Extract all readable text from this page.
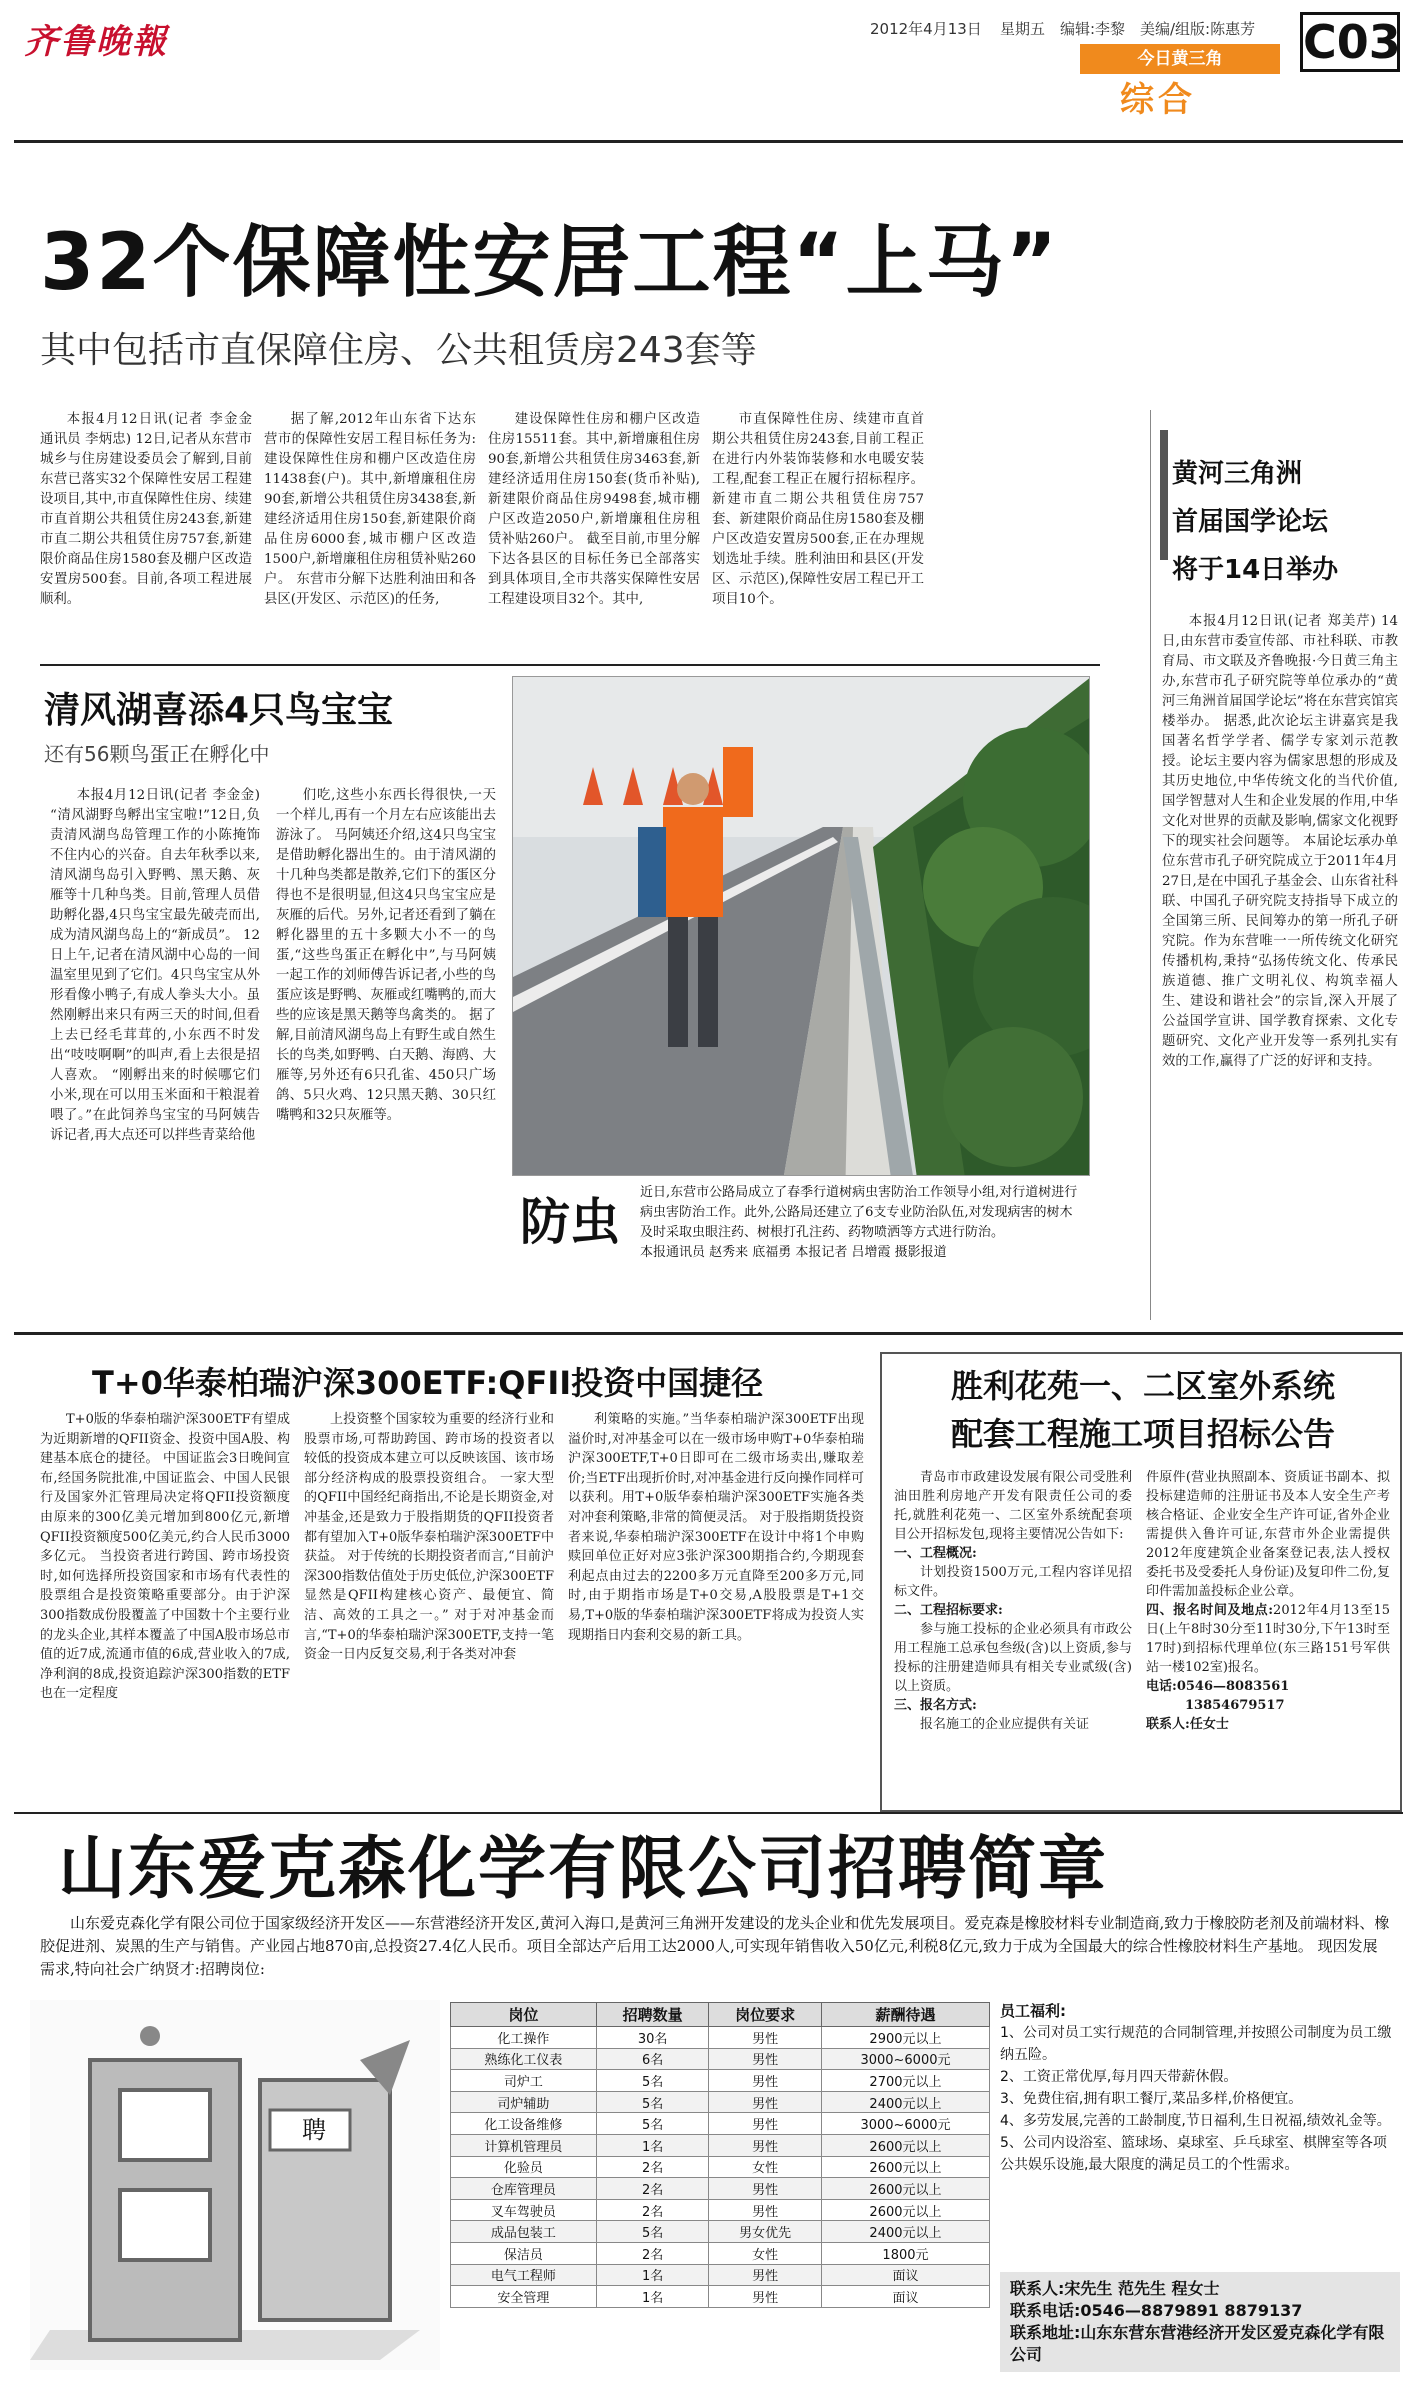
齐鲁晚報	2012年4月13日 星期五 编辑:李黎 美编/组版:陈惠芳
今日黄三角
综合
C03
32个保障性安居工程“上马”
其中包括市直保障住房、公共租赁房243套等

本报4月12日讯(记者 李金金 通讯员 李炳忠) 12日,记者从东营市城乡与住房建设委员会了解到,目前东营已落实32个保障性安居工程建设项目,其中,市直保障性住房、续建市直首期公共租赁住房243套,新建市直二期公共租赁住房757套,新建限价商品住房1580套及棚户区改造安置房500套。目前,各项工程进展顺利。

据了解,2012年山东省下达东营市的保障性安居工程目标任务为:建设保障性住房和棚户区改造住房11438套(户)。其中,新增廉租住房90套,新增公共租赁住房3438套,新建经济适用住房150套,新建限价商品住房6000套,城市棚户区改造1500户,新增廉租住房租赁补贴260户。 东营市分解下达胜利油田和各县区(开发区、示范区)的任务,

建设保障性住房和棚户区改造住房15511套。其中,新增廉租住房90套,新增公共租赁住房3463套,新建经济适用住房150套(货币补贴),新建限价商品住房9498套,城市棚户区改造2050户,新增廉租住房租赁补贴260户。 截至目前,市里分解下达各县区的目标任务已全部落实到具体项目,全市共落实保障性安居工程建设项目32个。其中,

市直保障性住房、续建市直首期公共租赁住房243套,目前工程正在进行内外装饰装修和水电暖安装工程,配套工程正在履行招标程序。新建市直二期公共租赁住房757套、新建限价商品住房1580套及棚户区改造安置房500套,正在办理规划选址手续。胜利油田和县区(开发区、示范区),保障性安居工程已开工项目10个。

清风湖喜添4只鸟宝宝
还有56颗鸟蛋正在孵化中

本报4月12日讯(记者 李金金) “清风湖野鸟孵出宝宝啦!”12日,负责清风湖鸟岛管理工作的小陈掩饰不住内心的兴奋。自去年秋季以来,清风湖鸟岛引入野鸭、黑天鹅、灰雁等十几种鸟类。目前,管理人员借助孵化器,4只鸟宝宝最先破壳而出,成为清风湖鸟岛上的“新成员”。 12日上午,记者在清风湖中心岛的一间温室里见到了它们。4只鸟宝宝从外形看像小鸭子,有成人拳头大小。虽然刚孵出来只有两三天的时间,但看上去已经毛茸茸的,小东西不时发出“吱吱啊啊”的叫声,看上去很是招人喜欢。 “刚孵出来的时候哪它们小米,现在可以用玉米面和干粮混着喂了。”在此饲养鸟宝宝的马阿姨告诉记者,再大点还可以拌些青菜给他

们吃,这些小东西长得很快,一天一个样儿,再有一个月左右应该能出去游泳了。 马阿姨还介绍,这4只鸟宝宝是借助孵化器出生的。由于清风湖的十几种鸟类都是散养,它们下的蛋区分得也不是很明显,但这4只鸟宝宝应是灰雁的后代。另外,记者还看到了躺在孵化器里的五十多颗大小不一的鸟蛋,“这些鸟蛋正在孵化中”,与马阿姨一起工作的刘师傅告诉记者,小些的鸟蛋应该是野鸭、灰雁或红嘴鸭的,而大些的应该是黑天鹅等鸟禽类的。 据了解,目前清风湖鸟岛上有野生或自然生长的鸟类,如野鸭、白天鹅、海鸥、大雁等,另外还有6只孔雀、450只广场鸽、5只火鸡、12只黑天鹅、30只红嘴鸭和32只灰雁等。

防虫
近日,东营市公路局成立了春季行道树病虫害防治工作领导小组,对行道树进行病虫害防治工作。此外,公路局还建立了6支专业防治队伍,对发现病害的树木及时采取虫眼注药、树根打孔注药、药物喷洒等方式进行防治。
本报通讯员 赵秀来 底福勇 本报记者 吕增霞 摄影报道
黄河三角洲
首届国学论坛
将于14日举办

本报4月12日讯(记者 郑美芹) 14日,由东营市委宣传部、市社科联、市教育局、市文联及齐鲁晚报·今日黄三角主办,东营市孔子研究院等单位承办的“黄河三角洲首届国学论坛”将在东营宾馆宾楼举办。 据悉,此次论坛主讲嘉宾是我国著名哲学学者、儒学专家刘示范教授。论坛主要内容为儒家思想的形成及其历史地位,中华传统文化的当代价值,国学智慧对人生和企业发展的作用,中华文化对世界的贡献及影响,儒家文化视野下的现实社会问题等。 本届论坛承办单位东营市孔子研究院成立于2011年4月27日,是在中国孔子基金会、山东省社科联、中国孔子研究院支持指导下成立的全国第三所、民间筹办的第一所孔子研究院。作为东营唯一一所传统文化研究传播机构,秉持“弘扬传统文化、传承民族道德、推广文明礼仪、构筑幸福人生、建设和谐社会”的宗旨,深入开展了公益国学宣讲、国学教育探索、文化专题研究、文化产业开发等一系列扎实有效的工作,赢得了广泛的好评和支持。

T+0华泰柏瑞沪深300ETF:QFII投资中国捷径

T+0版的华泰柏瑞沪深300ETF有望成为近期新增的QFII资金、投资中国A股、构建基本底仓的捷径。 中国证监会3日晚间宣布,经国务院批准,中国证监会、中国人民银行及国家外汇管理局决定将QFII投资额度由原来的300亿美元增加到800亿元,新增QFII投资额度500亿美元,约合人民币3000多亿元。 当投资者进行跨国、跨市场投资时,如何选择所投资国家和市场有代表性的股票组合是投资策略重要部分。由于沪深300指数成份股覆盖了中国数十个主要行业的龙头企业,其样本覆盖了中国A股市场总市值的近7成,流通市值的6成,营业收入的7成,净利润的8成,投资追踪沪深300指数的ETF也在一定程度

上投资整个国家较为重要的经济行业和股票市场,可帮助跨国、跨市场的投资者以较低的投资成本建立可以反映该国、该市场部分经济构成的股票投资组合。 一家大型的QFII中国经纪商指出,不论是长期资金,对冲基金,还是致力于股指期货的QFII投资者都有望加入T+0版华泰柏瑞沪深300ETF中获益。 对于传统的长期投资者而言,“目前沪深300指数估值处于历史低位,沪深300ETF显然是QFII构建核心资产、最便宜、简洁、高效的工具之一。” 对于对冲基金而言,“T+0的华泰柏瑞沪深300ETF,支持一笔资金一日内反复交易,利于各类对冲套

利策略的实施。”当华泰柏瑞沪深300ETF出现溢价时,对冲基金可以在一级市场申购T+0华泰柏瑞沪深300ETF,T+0日即可在二级市场卖出,赚取差价;当ETF出现折价时,对冲基金进行反向操作同样可以获利。用T+0版华泰柏瑞沪深300ETF实施各类对冲套利策略,非常的简便灵活。 对于股指期货投资者来说,华泰柏瑞沪深300ETF在设计中将1个申购赎回单位正好对应3张沪深300期指合约,今期现套利起点由过去的2200多万元直降至200多万元,同时,由于期指市场是T+0交易,A股股票是T+1交易,T+0版的华泰柏瑞沪深300ETF将成为投资人实现期指日内套利交易的新工具。

胜利花苑一、二区室外系统
配套工程施工项目招标公告

青岛市市政建设发展有限公司受胜利油田胜利房地产开发有限责任公司的委托,就胜利花苑一、二区室外系统配套项目公开招标发包,现将主要情况公告如下:

一、工程概况:

计划投资1500万元,工程内容详见招标文件。

二、工程招标要求:

参与施工投标的企业必须具有市政公用工程施工总承包叁级(含)以上资质,参与投标的注册建造师具有相关专业贰级(含)以上资质。

三、报名方式:

报名施工的企业应提供有关证

件原件(营业执照副本、资质证书副本、拟投标建造师的注册证书及本人安全生产考核合格证、企业安全生产许可证,省外企业需提供入鲁许可证,东营市外企业需提供2012年度建筑企业备案登记表,法人授权委托书及受委托人身份证)及复印件二份,复印件需加盖投标企业公章。
四、报名时间及地点:2012年4月13至15日(上午8时30分至11时30分,下午13时至17时)到招标代理单位(东三路151号军供站一楼102室)报名。
电话:0546—8083561
13854679517
联系人:任女士
山东爱克森化学有限公司招聘简章
山东爱克森化学有限公司位于国家级经济开发区——东营港经济开发区,黄河入海口,是黄河三角洲开发建设的龙头企业和优先发展项目。爱克森是橡胶材料专业制造商,致力于橡胶防老剂及前端材料、橡胶促进剂、炭黑的生产与销售。产业园占地870亩,总投资27.4亿人民币。项目全部达产后用工达2000人,可实现年销售收入50亿元,利税8亿元,致力于成为全国最大的综合性橡胶材料生产基地。 现因发展需求,特向社会广纳贤才:招聘岗位:
聘
岗位	招聘数量	岗位要求	薪酬待遇
化工操作	30名	男性	2900元以上
熟练化工仪表	6名	男性	3000~6000元
司炉工	5名	男性	2700元以上
司炉辅助	5名	男性	2400元以上
化工设备维修	5名	男性	3000~6000元
计算机管理员	1名	男性	2600元以上
化验员	2名	女性	2600元以上
仓库管理员	2名	男性	2600元以上
叉车驾驶员	2名	男性	2600元以上
成品包装工	5名	男女优先	2400元以上
保洁员	2名	女性	1800元
电气工程师	1名	男性	面议
安全管理	1名	男性	面议
员工福利:
1、公司对员工实行规范的合同制管理,并按照公司制度为员工缴纳五险。
2、工资正常优厚,每月四天带薪休假。
3、免费住宿,拥有职工餐厅,菜品多样,价格便宜。
4、多劳发展,完善的工龄制度,节日福利,生日祝福,绩效礼金等。
5、公司内设浴室、篮球场、桌球室、乒乓球室、棋牌室等各项公共娱乐设施,最大限度的满足员工的个性需求。
联系人:宋先生 范先生 程女士
联系电话:0546—8879891 8879137
联系地址:山东东营东营港经济开发区爱克森化学有限公司
